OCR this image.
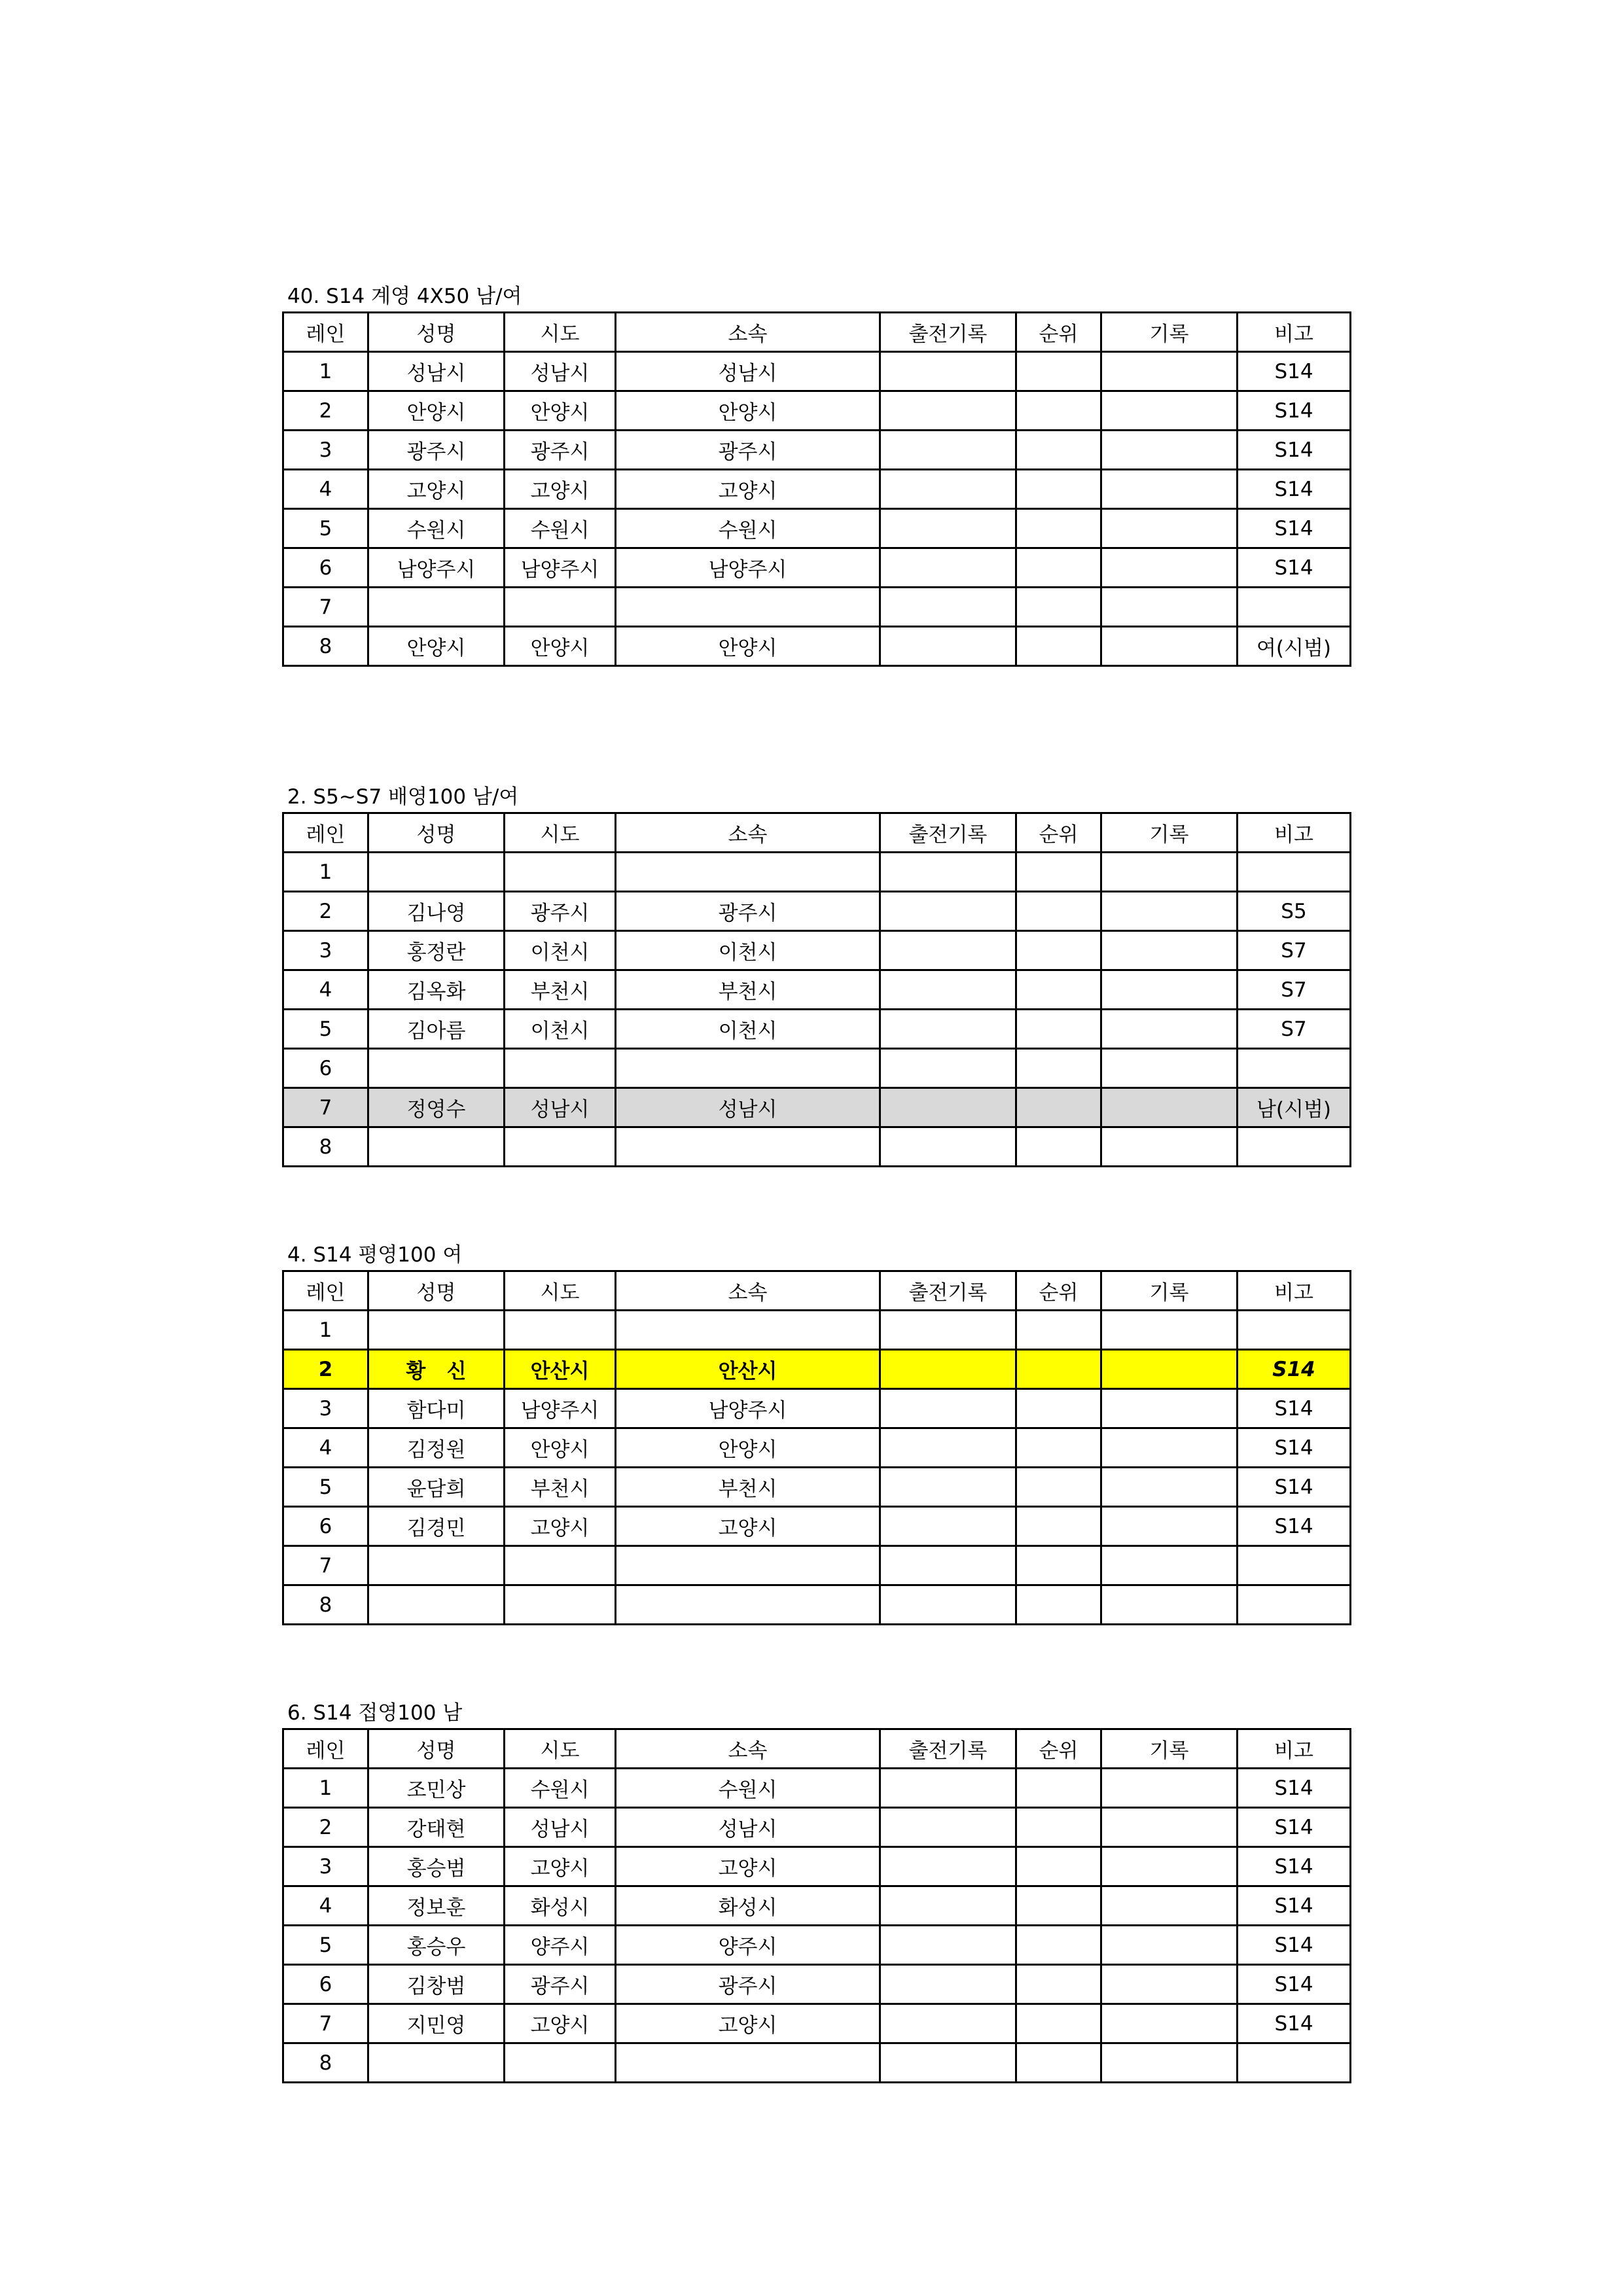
40. S14 계영 4X50 남/여
레인	성명	시도	소속	출전기록	순위	기록	비고
1	성남시	성남시	성남시				S14
2	안양시	안양시	안양시				S14
3	광주시	광주시	광주시				S14
4	고양시	고양시	고양시				S14
5	수원시	수원시	수원시				S14
6	남양주시	남양주시	남양주시				S14
7							
8	안양시	안양시	안양시				여(시범)
2. S5~S7 배영100 남/여
레인	성명	시도	소속	출전기록	순위	기록	비고
1							
2	김나영	광주시	광주시				S5
3	홍정란	이천시	이천시				S7
4	김옥화	부천시	부천시				S7
5	김아름	이천시	이천시				S7
6							
7	정영수	성남시	성남시				남(시범)
8							
4. S14 평영100 여
레인	성명	시도	소속	출전기록	순위	기록	비고
1							
2	황   신	안산시	안산시				S14
3	함다미	남양주시	남양주시				S14
4	김정원	안양시	안양시				S14
5	윤담희	부천시	부천시				S14
6	김경민	고양시	고양시				S14
7							
8							
6. S14 접영100 남
레인	성명	시도	소속	출전기록	순위	기록	비고
1	조민상	수원시	수원시				S14
2	강태현	성남시	성남시				S14
3	홍승범	고양시	고양시				S14
4	정보훈	화성시	화성시				S14
5	홍승우	양주시	양주시				S14
6	김창범	광주시	광주시				S14
7	지민영	고양시	고양시				S14
8							
